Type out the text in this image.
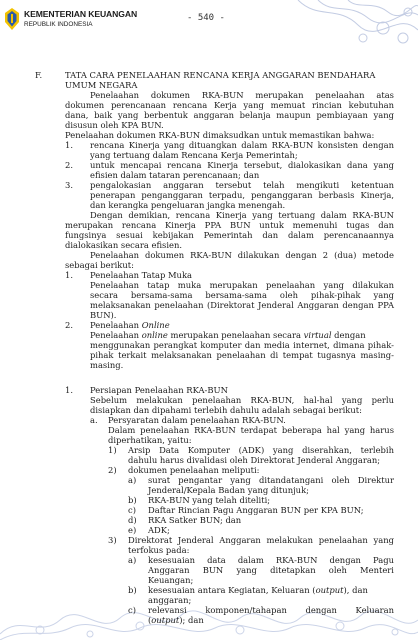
KEMENTERIAN KEUANGAN
REPUBLIK INDONESIA
- 540 -
F.	TATA CARA PENELAAHAN RENCANA KERJA ANGGARAN BENDAHARA
UMUM NEGARA
Penelaahan dokumen RKA-BUN merupakan penelaahan atas
dokumen perencanaan rencana Kerja yang memuat rincian kebutuhan
dana, baik yang berbentuk anggaran belanja maupun pembiayaan yang
disusun oleh KPA BUN.
Penelaahan dokumen RKA-BUN dimaksudkan untuk memastikan bahwa:
1. rencana Kinerja yang dituangkan dalam RKA-BUN konsisten dengan
yang tertuang dalam Rencana Kerja Pemerintah;
2. untuk mencapai rencana Kinerja tersebut, dialokasikan dana yang
efisien dalam tataran perencanaan; dan
3. pengalokasian anggaran tersebut telah mengikuti ketentuan
penerapan penganggaran terpadu, penganggaran berbasis Kinerja,
dan kerangka pengeluaran jangka menengah.
Dengan demikian, rencana Kinerja yang tertuang dalam RKA-BUN
merupakan rencana Kinerja PPA BUN untuk memenuhi tugas dan
fungsinya sesuai kebijakan Pemerintah dan dalam perencanaannya
dialokasikan secara efisien.
Penelaahan dokumen RKA-BUN dilakukan dengan 2 (dua) metode
sebagai berikut:
1. Penelaahan Tatap Muka
Penelaahan tatap muka merupakan penelaahan yang dilakukan
secara bersama-sama bersama-sama oleh pihak-pihak yang
melaksanakan penelaahan (Direktorat Jenderal Anggaran dengan PPA
BUN).
2. Penelaahan Online
Penelaahan online merupakan penelaahan secara virtual dengan
menggunakan perangkat komputer dan media internet, dimana pihak-
pihak terkait melaksanakan penelaahan di tempat tugasnya masing-
masing.
1. Persiapan Penelaahan RKA-BUN
Sebelum melakukan penelaahan RKA-BUN, hal-hal yang perlu
disiapkan dan dipahami terlebih dahulu adalah sebagai berikut:
a. Persyaratan dalam penelaahan RKA-BUN.
Dalam penelaahan RKA-BUN terdapat beberapa hal yang harus
diperhatikan, yaitu:
1) Arsip Data Komputer (ADK) yang diserahkan, terlebih
dahulu harus divalidasi oleh Direktorat Jenderal Anggaran;
2) dokumen penelaahan meliputi:
a) surat pengantar yang ditandatangani oleh Direktur
Jenderal/Kepala Badan yang ditunjuk;
b) RKA-BUN yang telah diteliti;
c) Daftar Rincian Pagu Anggaran BUN per KPA BUN;
d) RKA Satker BUN; dan
e) ADK;
3) Direktorat Jenderal Anggaran melakukan penelaahan yang
terfokus pada:
a) kesesuaian data dalam RKA-BUN dengan Pagu
Anggaran BUN yang ditetapkan oleh Menteri
Keuangan;
b) kesesuaian antara Kegiatan, Keluaran (output), dan
anggaran;
c) relevansi komponen/tahapan dengan Keluaran
(output); dan
